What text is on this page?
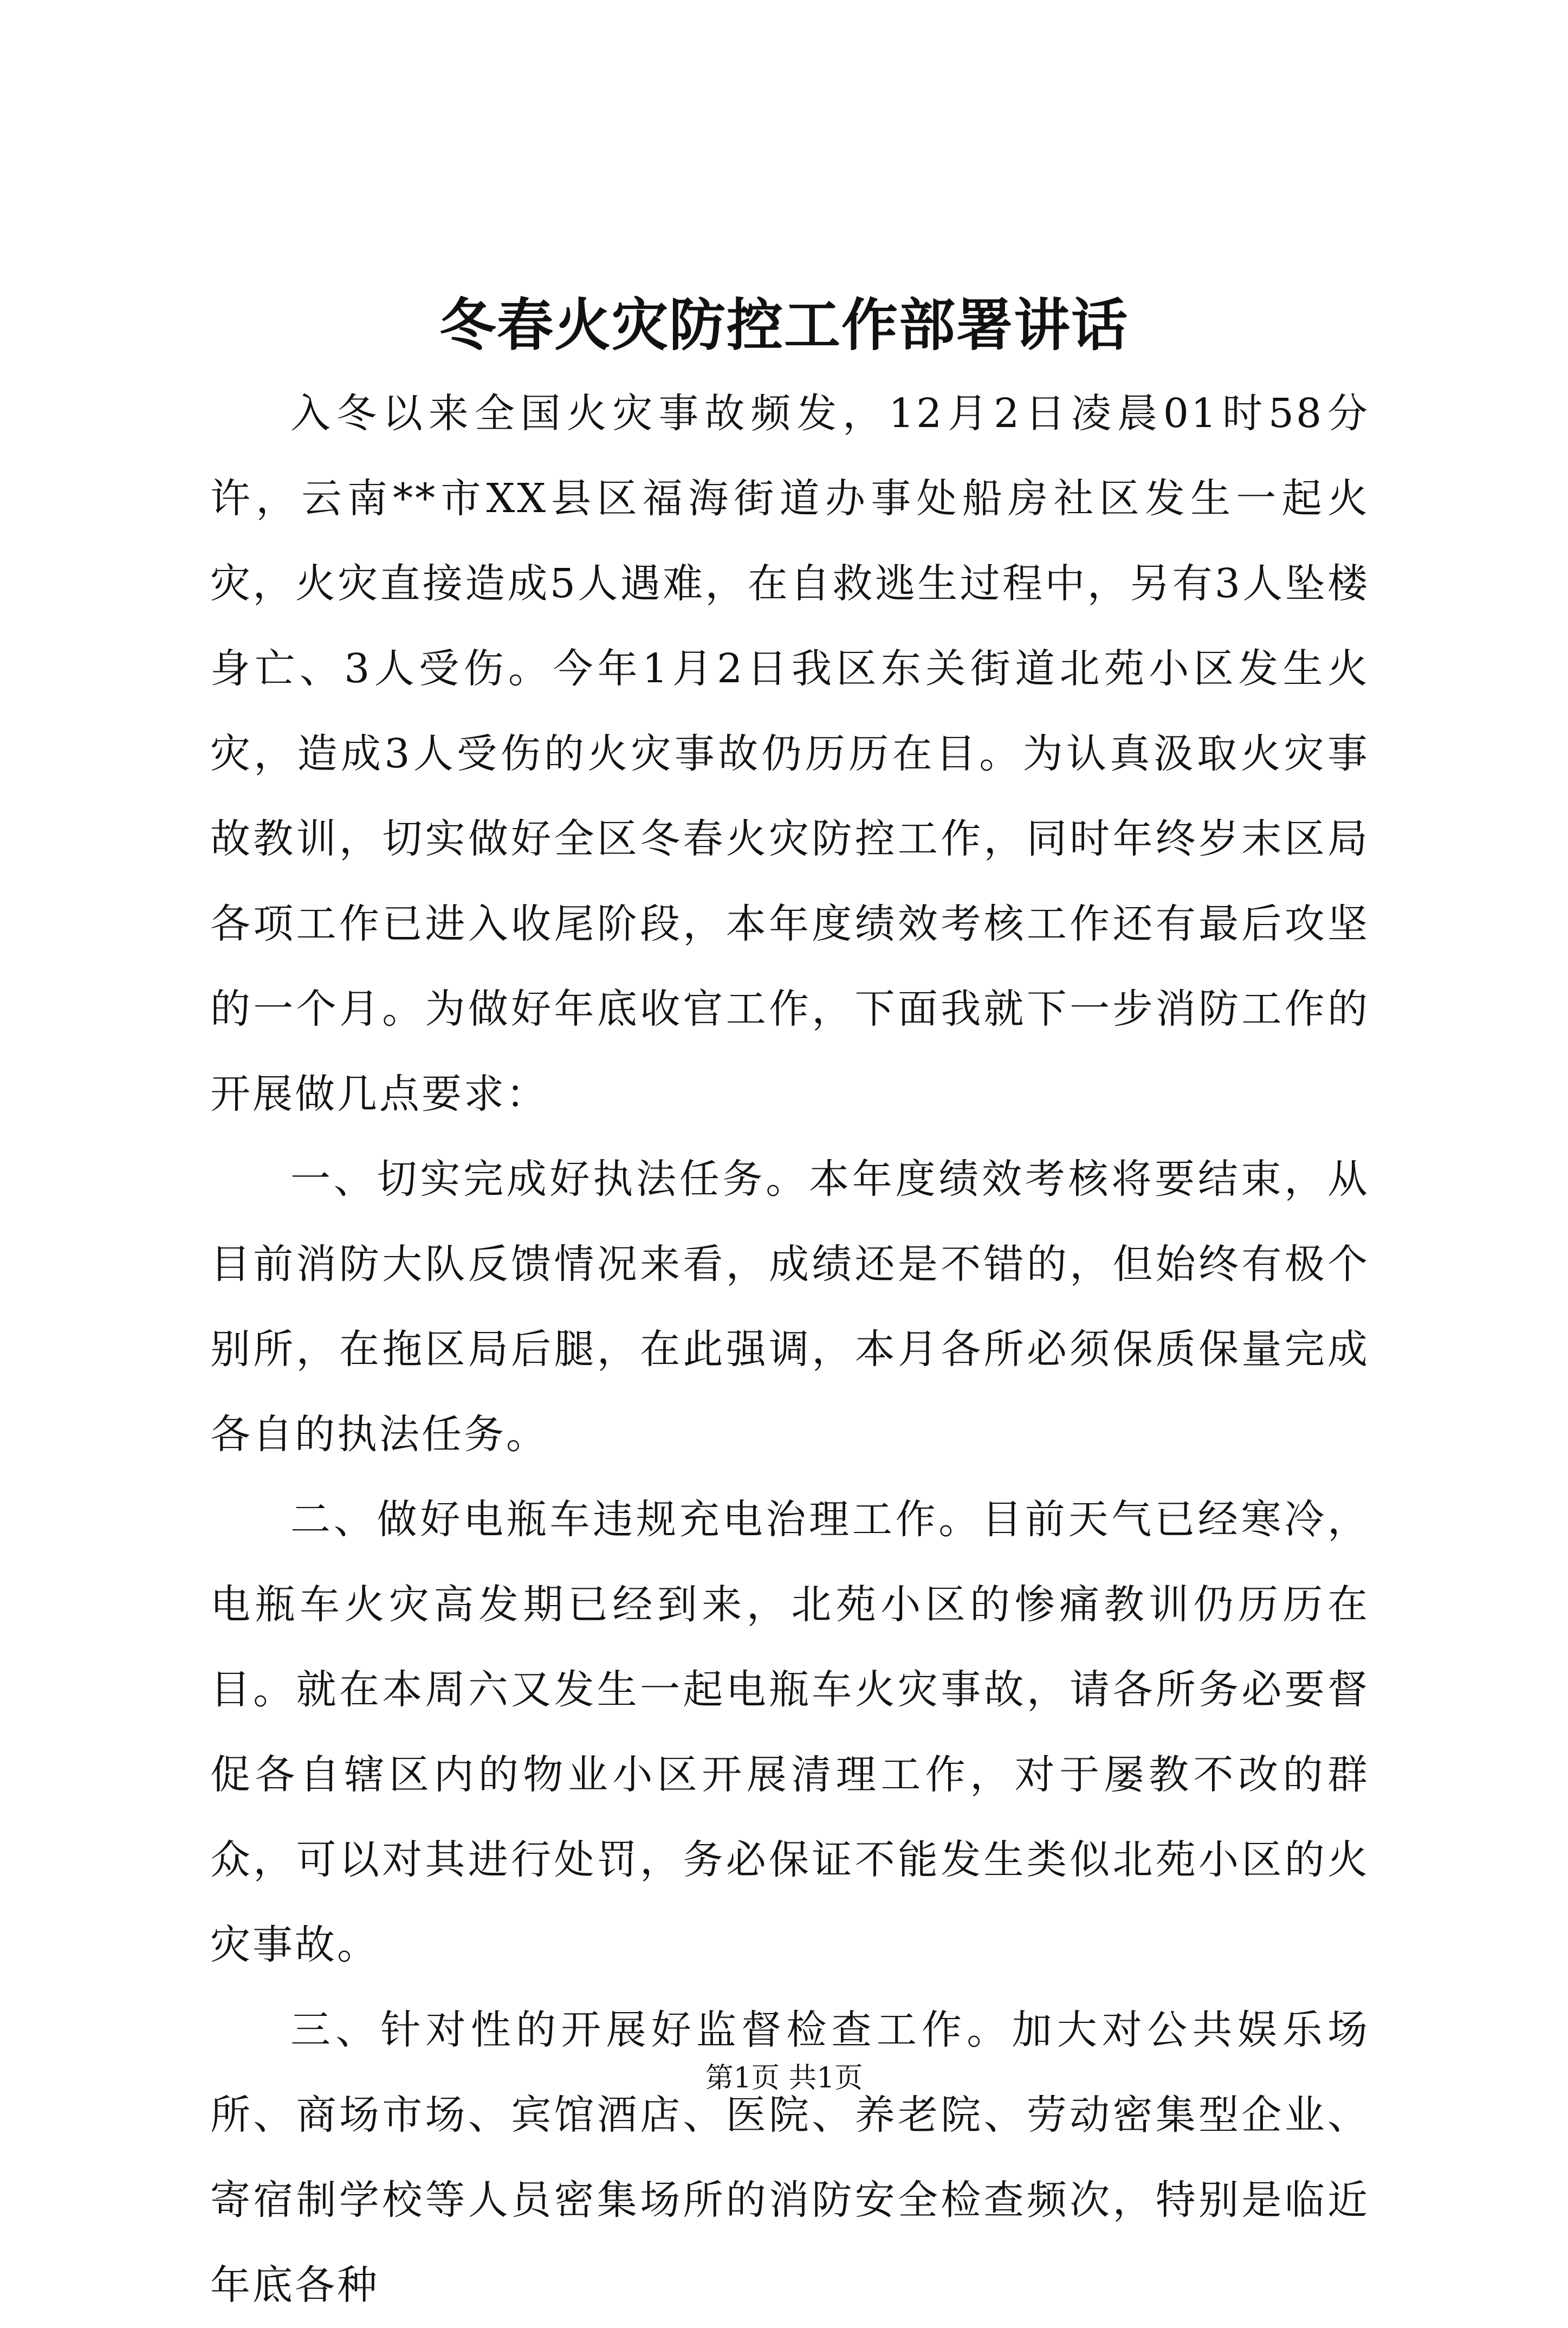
冬春火灾防控工作部署讲话

入冬以来全国火灾事故频发，12月2日凌晨01时58分许，云南**市XX县区福海街道办事处船房社区发生一起火灾，火灾直接造成5人遇难，在自救逃生过程中，另有3人坠楼身亡、3人受伤。今年1月2日我区东关街道北苑小区发生火灾，造成3人受伤的火灾事故仍历历在目。为认真汲取火灾事故教训，切实做好全区冬春火灾防控工作，同时年终岁末区局各项工作已进入收尾阶段，本年度绩效考核工作还有最后攻坚的一个月。为做好年底收官工作，下面我就下一步消防工作的开展做几点要求：

一、切实完成好执法任务。本年度绩效考核将要结束，从目前消防大队反馈情况来看，成绩还是不错的，但始终有极个别所，在拖区局后腿，在此强调，本月各所必须保质保量完成各自的执法任务。

二、做好电瓶车违规充电治理工作。目前天气已经寒冷，电瓶车火灾高发期已经到来，北苑小区的惨痛教训仍历历在目。就在本周六又发生一起电瓶车火灾事故，请各所务必要督促各自辖区内的物业小区开展清理工作，对于屡教不改的群众，可以对其进行处罚，务必保证不能发生类似北苑小区的火灾事故。

三、针对性的开展好监督检查工作。加大对公共娱乐场所、商场市场、宾馆酒店、医院、养老院、劳动密集型企业、寄宿制学校等人员密集场所的消防安全检查频次，特别是临近年底各种

第1页 共1页
